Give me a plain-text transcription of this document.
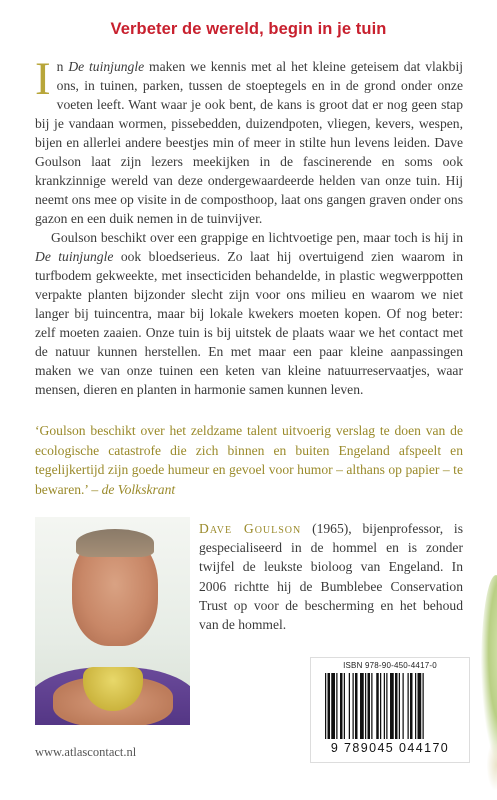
Verbeter de wereld, begin in je tuin

In De tuinjungle maken we kennis met al het kleine geteisem dat vlakbij ons, in tuinen, parken, tussen de stoeptegels en in de grond onder onze voeten leeft. Want waar je ook bent, de kans is groot dat er nog geen stap bij je vandaan wormen, pissebedden, duizendpoten, vliegen, kevers, wespen, bijen en allerlei andere beestjes min of meer in stilte hun levens leiden. Dave Goulson laat zijn lezers meekijken in de fascinerende en soms ook krankzinnige wereld van deze ondergewaardeerde helden van onze tuin. Hij neemt ons mee op visite in de composthoop, laat ons gangen graven onder ons gazon en een duik nemen in de tuinvijver.

Goulson beschikt over een grappige en lichtvoetige pen, maar toch is hij in De tuinjungle ook bloedserieus. Zo laat hij overtuigend zien waarom in turfbodem gekweekte, met insecticiden behandelde, in plastic wegwerppotten verpakte planten bijzonder slecht zijn voor ons milieu en waarom we niet langer bij tuincentra, maar bij lokale kwekers moeten kopen. Of nog beter: zelf moeten zaaien. Onze tuin is bij uitstek de plaats waar we het contact met de natuur kunnen herstellen. En met maar een paar kleine aanpassingen maken we van onze tuinen een keten van kleine natuurreservaatjes, waar mensen, dieren en planten in harmonie samen kunnen leven.

‘Goulson beschikt over het zeldzame talent uitvoerig verslag te doen van de ecologische catastrofe die zich binnen en buiten Engeland afspeelt en tegelijkertijd zijn goede humeur en gevoel voor humor – althans op papier – te bewaren.’ – de Volkskrant
Dave Goulson (1965), bijenprofessor, is gespecialiseerd in de hommel en is zonder twijfel de leukste bioloog van Engeland. In 2006 richtte hij de Bumblebee Conservation Trust op voor de bescherming en het behoud van de hommel.
ISBN 978-90-450-4417-0
9 789045 044170
www.atlascontact.nl
